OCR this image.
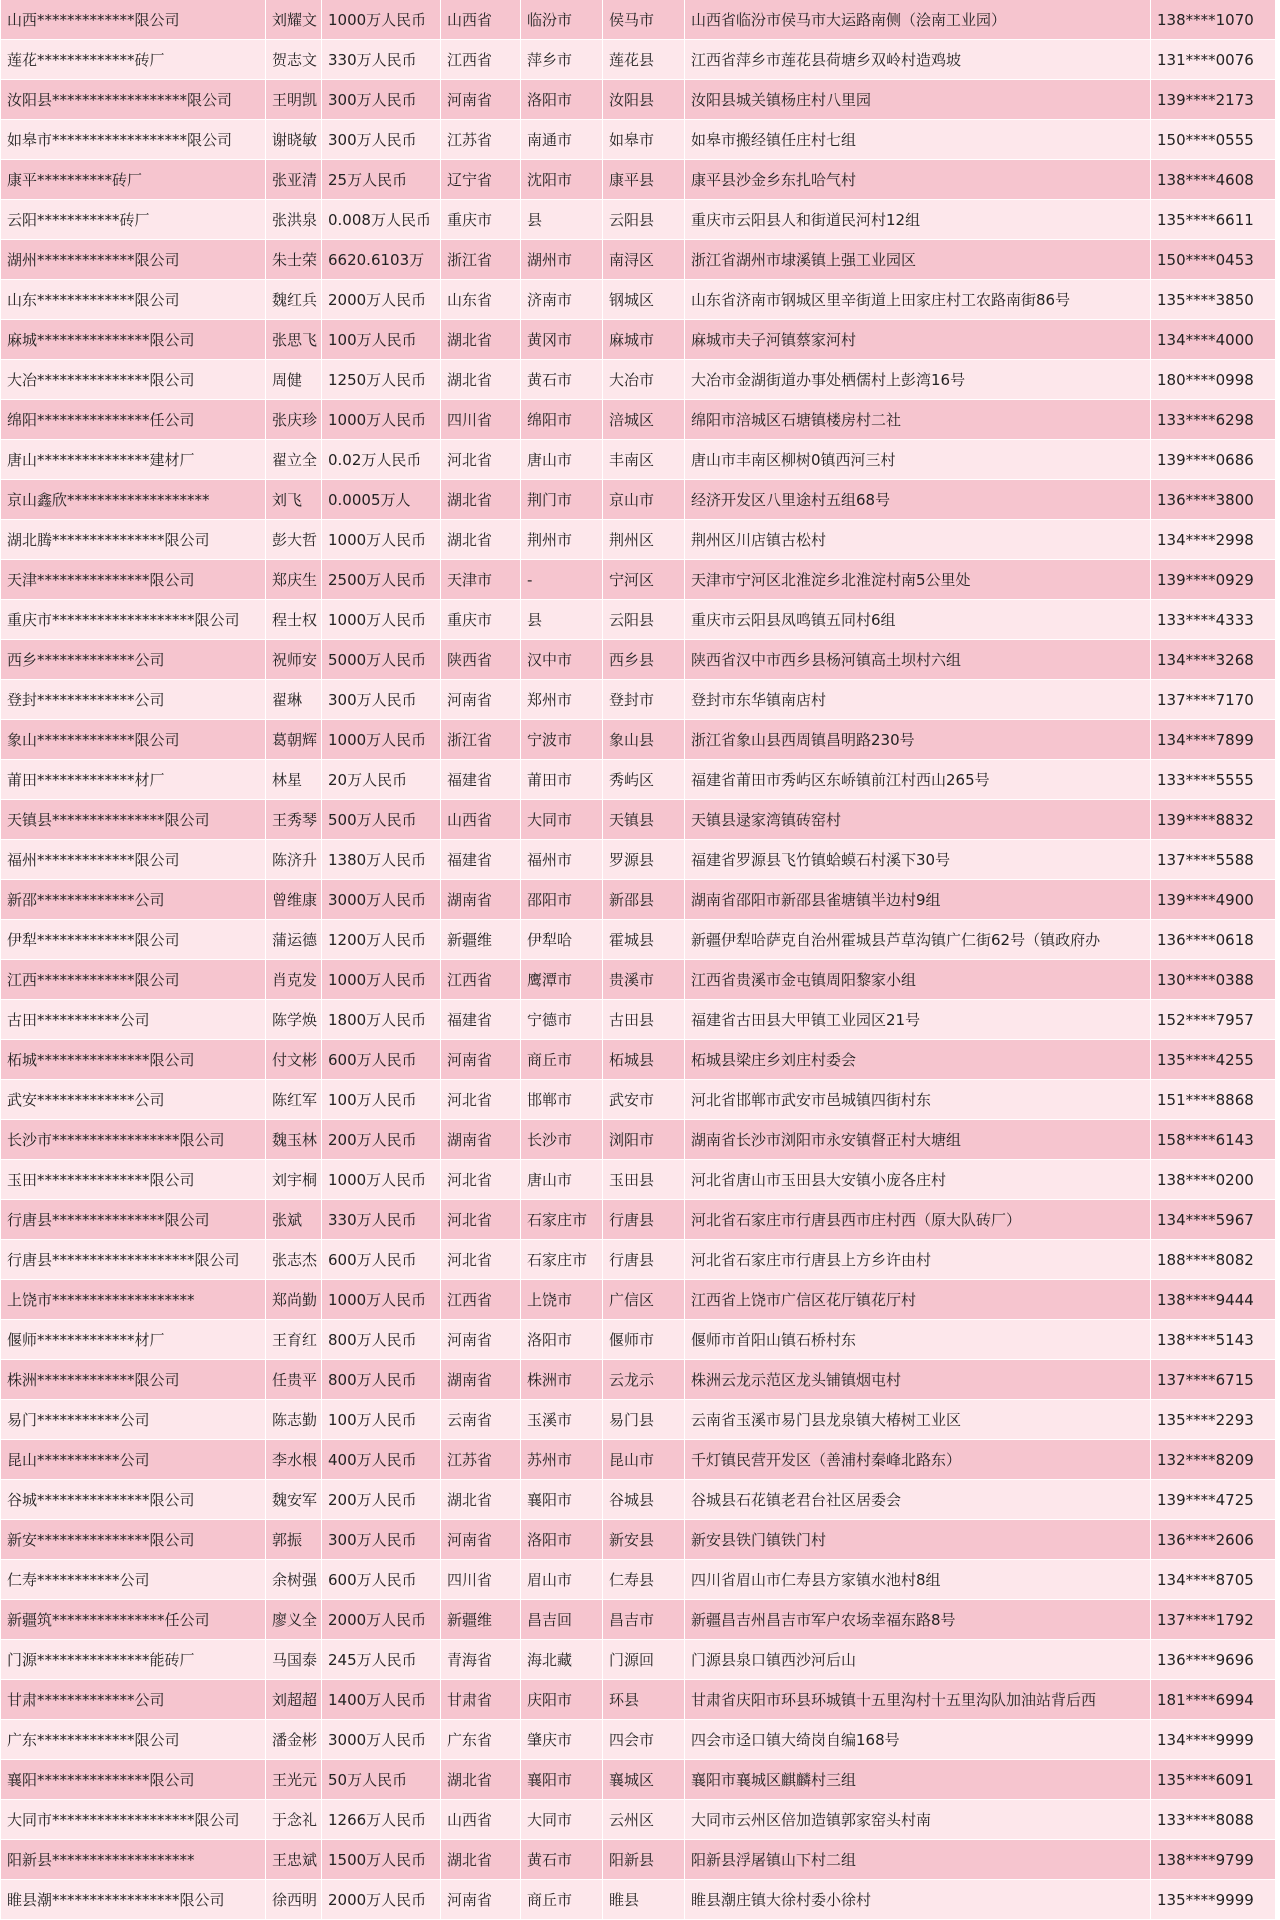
山西*************限公司	刘耀文	1000万人民币	山西省	临汾市	侯马市	山西省临汾市侯马市大运路南侧（浍南工业园）	138****1070
莲花*************砖厂	贺志文	330万人民币	江西省	萍乡市	莲花县	江西省萍乡市莲花县荷塘乡双岭村造鸡坡	131****0076
汝阳县******************限公司	王明凯	300万人民币	河南省	洛阳市	汝阳县	汝阳县城关镇杨庄村八里园	139****2173
如皋市******************限公司	谢晓敏	300万人民币	江苏省	南通市	如皋市	如皋市搬经镇任庄村七组	150****0555
康平**********砖厂	张亚清	25万人民币	辽宁省	沈阳市	康平县	康平县沙金乡东扎哈气村	138****4608
云阳***********砖厂	张洪泉	0.008万人民币	重庆市	县	云阳县	重庆市云阳县人和街道民河村12组	135****6611
湖州*************限公司	朱士荣	6620.6103万	浙江省	湖州市	南浔区	浙江省湖州市埭溪镇上强工业园区	150****0453
山东*************限公司	魏红兵	2000万人民币	山东省	济南市	钢城区	山东省济南市钢城区里辛街道上田家庄村工农路南街86号	135****3850
麻城***************限公司	张思飞	100万人民币	湖北省	黄冈市	麻城市	麻城市夫子河镇蔡家河村	134****4000
大冶***************限公司	周健	1250万人民币	湖北省	黄石市	大冶市	大冶市金湖街道办事处栖儒村上彭湾16号	180****0998
绵阳***************任公司	张庆珍	1000万人民币	四川省	绵阳市	涪城区	绵阳市涪城区石塘镇楼房村二社	133****6298
唐山***************建材厂	翟立全	0.02万人民币	河北省	唐山市	丰南区	唐山市丰南区柳树0镇西河三村	139****0686
京山鑫欣*******************	刘飞	0.0005万人	湖北省	荆门市	京山市	经济开发区八里途村五组68号	136****3800
湖北腾***************限公司	彭大哲	1000万人民币	湖北省	荆州市	荆州区	荆州区川店镇古松村	134****2998
天津***************限公司	郑庆生	2500万人民币	天津市	-	宁河区	天津市宁河区北淮淀乡北淮淀村南5公里处	139****0929
重庆市*******************限公司	程士权	1000万人民币	重庆市	县	云阳县	重庆市云阳县凤鸣镇五同村6组	133****4333
西乡*************公司	祝师安	5000万人民币	陕西省	汉中市	西乡县	陕西省汉中市西乡县杨河镇高土坝村六组	134****3268
登封*************公司	翟琳	300万人民币	河南省	郑州市	登封市	登封市东华镇南店村	137****7170
象山*************限公司	葛朝辉	1000万人民币	浙江省	宁波市	象山县	浙江省象山县西周镇昌明路230号	134****7899
莆田*************材厂	林星	20万人民币	福建省	莆田市	秀屿区	福建省莆田市秀屿区东峤镇前江村西山265号	133****5555
天镇县***************限公司	王秀琴	500万人民币	山西省	大同市	天镇县	天镇县逯家湾镇砖窑村	139****8832
福州*************限公司	陈济升	1380万人民币	福建省	福州市	罗源县	福建省罗源县飞竹镇蛤蟆石村溪下30号	137****5588
新邵*************公司	曾维康	3000万人民币	湖南省	邵阳市	新邵县	湖南省邵阳市新邵县雀塘镇半边村9组	139****4900
伊犁*************限公司	蒲运德	1200万人民币	新疆维	伊犁哈	霍城县	新疆伊犁哈萨克自治州霍城县芦草沟镇广仁街62号（镇政府办	136****0618
江西*************限公司	肖克发	1000万人民币	江西省	鹰潭市	贵溪市	江西省贵溪市金屯镇周阳黎家小组	130****0388
古田***********公司	陈学焕	1800万人民币	福建省	宁德市	古田县	福建省古田县大甲镇工业园区21号	152****7957
柘城***************限公司	付文彬	600万人民币	河南省	商丘市	柘城县	柘城县梁庄乡刘庄村委会	135****4255
武安*************公司	陈红军	100万人民币	河北省	邯郸市	武安市	河北省邯郸市武安市邑城镇四街村东	151****8868
长沙市*****************限公司	魏玉林	200万人民币	湖南省	长沙市	浏阳市	湖南省长沙市浏阳市永安镇督正村大塘组	158****6143
玉田***************限公司	刘宇桐	1000万人民币	河北省	唐山市	玉田县	河北省唐山市玉田县大安镇小庞各庄村	138****0200
行唐县***************限公司	张斌	330万人民币	河北省	石家庄市	行唐县	河北省石家庄市行唐县西市庄村西（原大队砖厂）	134****5967
行唐县*******************限公司	张志杰	600万人民币	河北省	石家庄市	行唐县	河北省石家庄市行唐县上方乡许由村	188****8082
上饶市*******************	郑尚勤	1000万人民币	江西省	上饶市	广信区	江西省上饶市广信区花厅镇花厅村	138****9444
偃师*************材厂	王育红	800万人民币	河南省	洛阳市	偃师市	偃师市首阳山镇石桥村东	138****5143
株洲*************限公司	任贵平	800万人民币	湖南省	株洲市	云龙示	株洲云龙示范区龙头铺镇烟屯村	137****6715
易门***********公司	陈志勤	100万人民币	云南省	玉溪市	易门县	云南省玉溪市易门县龙泉镇大椿树工业区	135****2293
昆山***********公司	李水根	400万人民币	江苏省	苏州市	昆山市	千灯镇民营开发区（善浦村秦峰北路东）	132****8209
谷城***************限公司	魏安军	200万人民币	湖北省	襄阳市	谷城县	谷城县石花镇老君台社区居委会	139****4725
新安***************限公司	郭振	300万人民币	河南省	洛阳市	新安县	新安县铁门镇铁门村	136****2606
仁寿***********公司	余树强	600万人民币	四川省	眉山市	仁寿县	四川省眉山市仁寿县方家镇水池村8组	134****8705
新疆筑***************任公司	廖义全	2000万人民币	新疆维	昌吉回	昌吉市	新疆昌吉州昌吉市军户农场幸福东路8号	137****1792
门源***************能砖厂	马国泰	245万人民币	青海省	海北藏	门源回	门源县泉口镇西沙河后山	136****9696
甘肃*************公司	刘超超	1400万人民币	甘肃省	庆阳市	环县	甘肃省庆阳市环县环城镇十五里沟村十五里沟队加油站背后西	181****6994
广东*************限公司	潘金彬	3000万人民币	广东省	肇庆市	四会市	四会市迳口镇大绮岗自编168号	134****9999
襄阳***************限公司	王光元	50万人民币	湖北省	襄阳市	襄城区	襄阳市襄城区麒麟村三组	135****6091
大同市*******************限公司	于念礼	1266万人民币	山西省	大同市	云州区	大同市云州区倍加造镇郭家窑头村南	133****8088
阳新县*******************	王忠斌	1500万人民币	湖北省	黄石市	阳新县	阳新县浮屠镇山下村二组	138****9799
睢县潮*****************限公司	徐西明	2000万人民币	河南省	商丘市	睢县	睢县潮庄镇大徐村委小徐村	135****9999
